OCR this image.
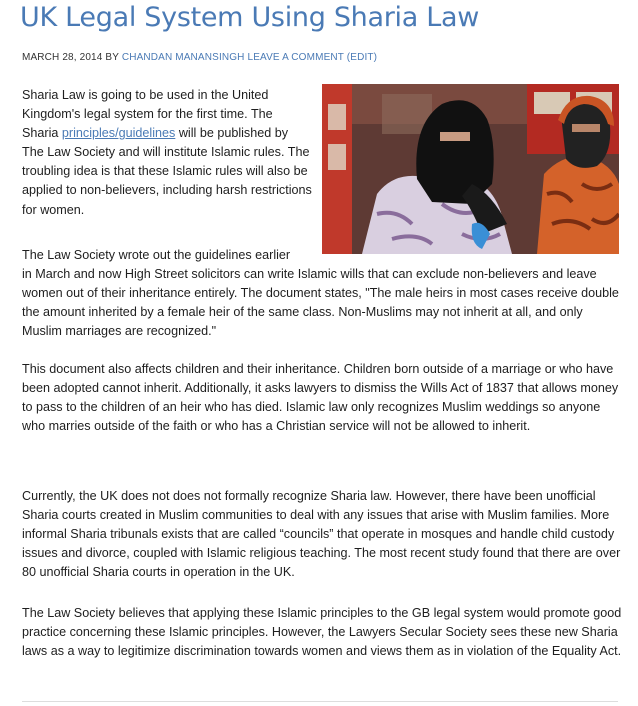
UK Legal System Using Sharia Law
MARCH 28, 2014 BY CHANDAN MANANSINGH LEAVE A COMMENT (EDIT)

Sharia Law is going to be used in the United Kingdom's legal system for the first time. The Sharia principles/guidelines will be published by The Law Society and will institute Islamic rules. The troubling idea is that these Islamic rules will also be applied to non-believers, including harsh restrictions for women.

The Law Society wrote out the guidelines earlier
in March and now High Street solicitors can write Islamic wills that can exclude non-believers and leave women out of their inheritance entirely. The document states, "The male heirs in most cases receive double the amount inherited by a female heir of the same class. Non-Muslims may not inherit at all, and only Muslim marriages are recognized."

This document also affects children and their inheritance. Children born outside of a marriage or who have been adopted cannot inherit. Additionally, it asks lawyers to dismiss the Wills Act of 1837 that allows money to pass to the children of an heir who has died. Islamic law only recognizes Muslim weddings so anyone who marries outside of the faith or who has a Christian service will not be allowed to inherit.

Currently, the UK does not does not formally recognize Sharia law. However, there have been unofficial Sharia courts created in Muslim communities to deal with any issues that arise with Muslim families. More informal Sharia tribunals exists that are called “councils” that operate in mosques and handle child custody issues and divorce, coupled with Islamic religious teaching. The most recent study found that there are over 80 unofficial Sharia courts in operation in the UK.

The Law Society believes that applying these Islamic principles to the GB legal system would promote good practice concerning these Islamic principles. However, the Lawyers Secular Society sees these new Sharia laws as a way to legitimize discrimination towards women and views them as in violation of the Equality Act.
